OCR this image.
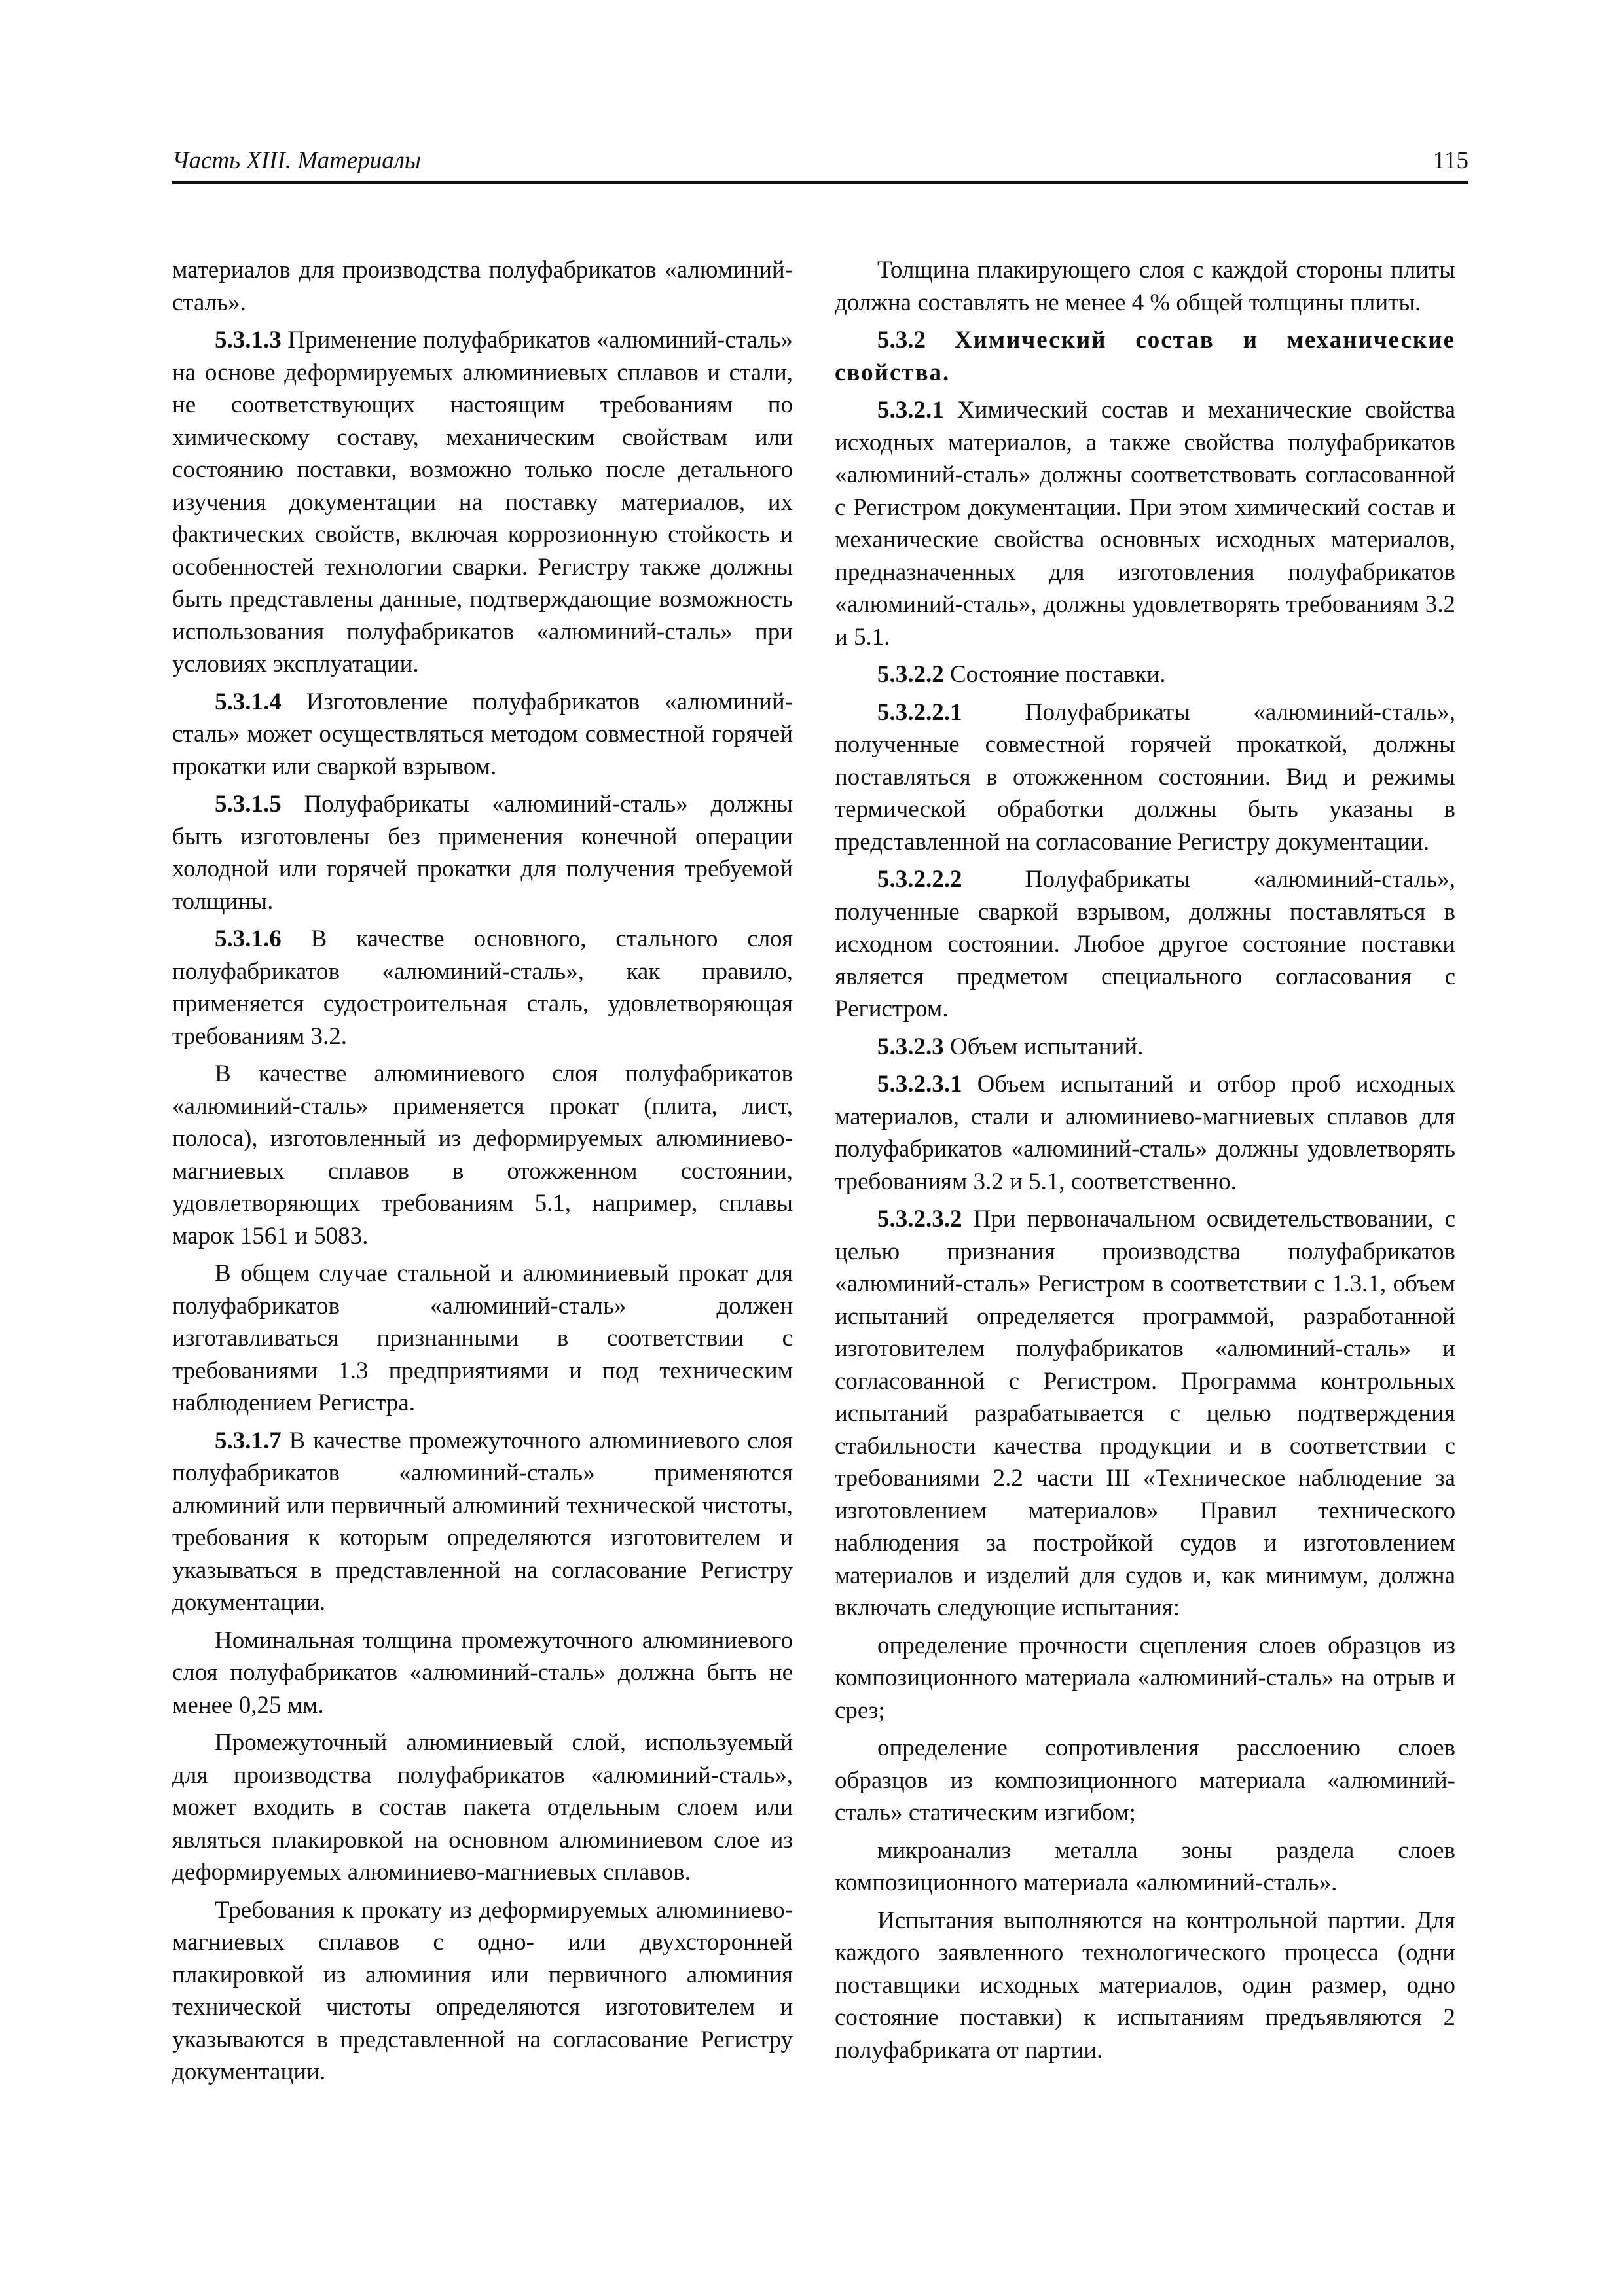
Часть XIII. Материалы	115

материалов для производства полуфабрикатов «алюминий-сталь».

5.3.1.3 Применение полуфабрикатов «алюминий-сталь» на основе деформируемых алюминиевых сплавов и стали, не соответствующих настоящим требованиям по химическому составу, механическим свойствам или состоянию поставки, возможно только после детального изучения документации на поставку материалов, их фактических свойств, включая коррозионную стойкость и особенностей технологии сварки. Регистру также должны быть представлены данные, подтверждающие возможность использования полуфабрикатов «алюминий-сталь» при условиях эксплуатации.

5.3.1.4 Изготовление полуфабрикатов «алюминий-сталь» может осуществляться методом совместной горячей прокатки или сваркой взрывом.

5.3.1.5 Полуфабрикаты «алюминий-сталь» должны быть изготовлены без применения конечной операции холодной или горячей прокатки для получения требуемой толщины.

5.3.1.6 В качестве основного, стального слоя полуфабрикатов «алюминий-сталь», как правило, применяется судостроительная сталь, удовлетворяющая требованиям 3.2.

В качестве алюминиевого слоя полуфабрикатов «алюминий-сталь» применяется прокат (плита, лист, полоса), изготовленный из деформируемых алюминиево-магниевых сплавов в отожженном состоянии, удовлетворяющих требованиям 5.1, например, сплавы марок 1561 и 5083.

В общем случае стальной и алюминиевый прокат для полуфабрикатов «алюминий-сталь» должен изготавливаться признанными в соответствии с требованиями 1.3 предприятиями и под техническим наблюдением Регистра.

5.3.1.7 В качестве промежуточного алюминиевого слоя полуфабрикатов «алюминий-сталь» применяются алюминий или первичный алюминий технической чистоты, требования к которым определяются изготовителем и указываться в представленной на согласование Регистру документации.

Номинальная толщина промежуточного алюминиевого слоя полуфабрикатов «алюминий-сталь» должна быть не менее 0,25 мм.

Промежуточный алюминиевый слой, используемый для производства полуфабрикатов «алюминий-сталь», может входить в состав пакета отдельным слоем или являться плакировкой на основном алюминиевом слое из деформируемых алюминиево-магниевых сплавов.

Требования к прокату из деформируемых алюминиево-магниевых сплавов с одно- или двухсторонней плакировкой из алюминия или первичного алюминия технической чистоты определяются изготовителем и указываются в представленной на согласование Регистру документации.

Толщина плакирующего слоя с каждой стороны плиты должна составлять не менее 4 % общей толщины плиты.

5.3.2 Химический состав и механические свойства.

5.3.2.1 Химический состав и механические свойства исходных материалов, а также свойства полуфабрикатов «алюминий-сталь» должны соответствовать согласованной с Регистром документации. При этом химический состав и механические свойства основных исходных материалов, предназначенных для изготовления полуфабрикатов «алюминий-сталь», должны удовлетворять требованиям 3.2 и 5.1.

5.3.2.2 Состояние поставки.

5.3.2.2.1 Полуфабрикаты «алюминий-сталь», полученные совместной горячей прокаткой, должны поставляться в отожженном состоянии. Вид и режимы термической обработки должны быть указаны в представленной на согласование Регистру документации.

5.3.2.2.2 Полуфабрикаты «алюминий-сталь», полученные сваркой взрывом, должны поставляться в исходном состоянии. Любое другое состояние поставки является предметом специального согласования с Регистром.

5.3.2.3 Объем испытаний.

5.3.2.3.1 Объем испытаний и отбор проб исходных материалов, стали и алюминиево-магниевых сплавов для полуфабрикатов «алюминий-сталь» должны удовлетворять требованиям 3.2 и 5.1, соответственно.

5.3.2.3.2 При первоначальном освидетельствовании, с целью признания производства полуфабрикатов «алюминий-сталь» Регистром в соответствии с 1.3.1, объем испытаний определяется программой, разработанной изготовителем полуфабрикатов «алюминий-сталь» и согласованной с Регистром. Программа контрольных испытаний разрабатывается с целью подтверждения стабильности качества продукции и в соответствии с требованиями 2.2 части III «Техническое наблюдение за изготовлением материалов» Правил технического наблюдения за постройкой судов и изготовлением материалов и изделий для судов и, как минимум, должна включать следующие испытания:

определение прочности сцепления слоев образцов из композиционного материала «алюминий-сталь» на отрыв и срез;

определение сопротивления расслоению слоев образцов из композиционного материала «алюминий-сталь» статическим изгибом;

микроанализ металла зоны раздела слоев композиционного материала «алюминий-сталь».

Испытания выполняются на контрольной партии. Для каждого заявленного технологического процесса (одни поставщики исходных материалов, один размер, одно состояние поставки) к испытаниям предъявляются 2 полуфабриката от партии.
